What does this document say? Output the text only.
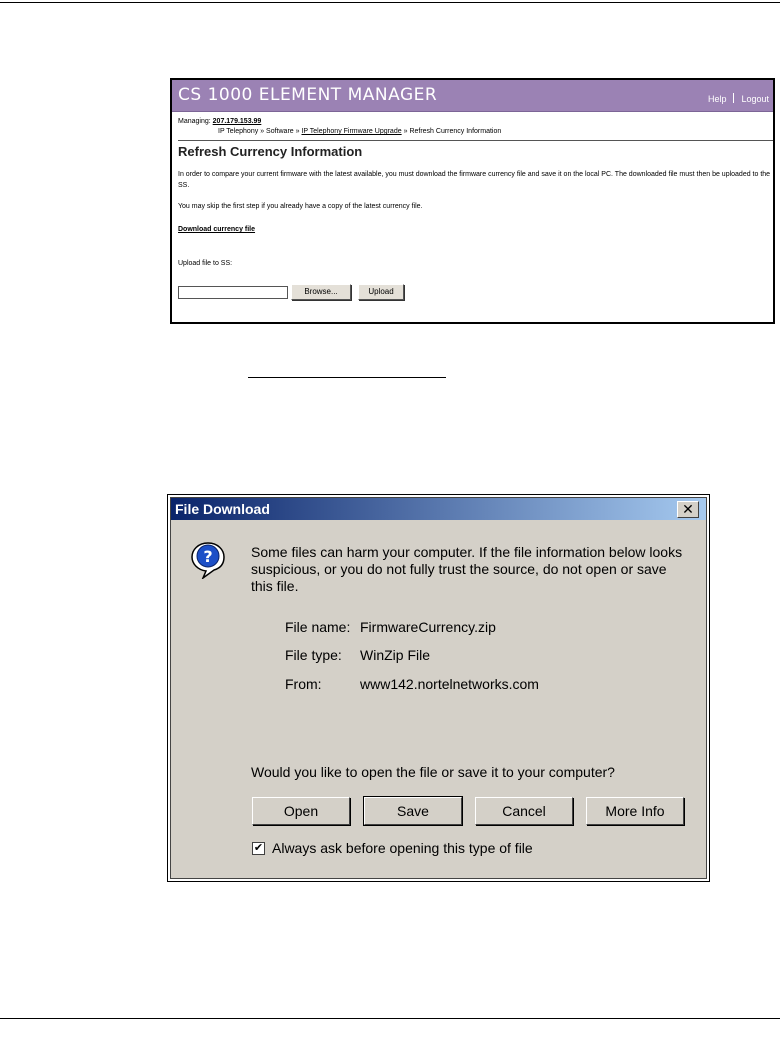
CS 1000 ELEMENT MANAGER	Help Logout
Managing: 207.179.153.99
IP Telephony » Software » IP Telephony Firmware Upgrade » Refresh Currency Information
Refresh Currency Information
In order to compare your current firmware with the latest available, you must download the firmware currency file and save it on the local PC. The downloaded file must then be uploaded to the SS.
You may skip the first step if you already have a copy of the latest currency file.
Download currency file
Upload file to SS:
Browse...	Upload
File Download	✕
?	Some files can harm your computer. If the file information below looks suspicious, or you do not fully trust the source, do not open or save this file.
File name: FirmwareCurrency.zip
File type: WinZip File
From:	www142.nortelnetworks.com
Would you like to open the file or save it to your computer?
Open	Save	Cancel	More Info
✔ Always ask before opening this type of file
